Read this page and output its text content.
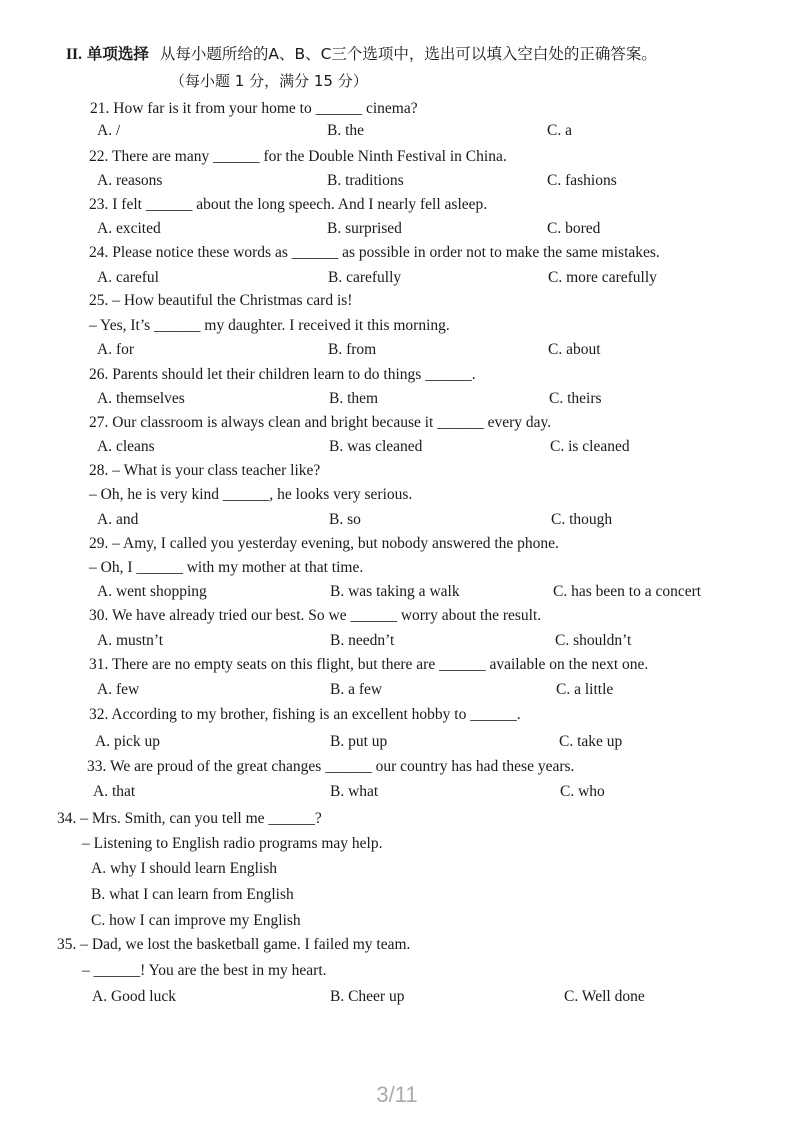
II. 单项选择 从每小题所给的A、B、C三个选项中，选出可以填入空白处的正确答案。
（每小题 1 分，满分 15 分）
21. How far is it from your home to ______ cinema?
A. /	B. the	C. a
22. There are many ______ for the Double Ninth Festival in China.
A. reasons	B. traditions	C. fashions
23. I felt ______ about the long speech. And I nearly fell asleep.
A. excited	B. surprised	C. bored
24. Please notice these words as ______ as possible in order not to make the same mistakes.
A. careful	B. carefully	C. more carefully
25. – How beautiful the Christmas card is!
– Yes, It’s ______ my daughter. I received it this morning.
A. for	B. from	C. about
26. Parents should let their children learn to do things ______.
A. themselves	B. them	C. theirs
27. Our classroom is always clean and bright because it ______ every day.
A. cleans	B. was cleaned	C. is cleaned
28. – What is your class teacher like?
– Oh, he is very kind ______, he looks very serious.
A. and	B. so	C. though
29. – Amy, I called you yesterday evening, but nobody answered the phone.
– Oh, I ______ with my mother at that time.
A. went shopping	B. was taking a walk	C. has been to a concert
30. We have already tried our best. So we ______ worry about the result.
A. mustn’t	B. needn’t	C. shouldn’t
31. There are no empty seats on this flight, but there are ______ available on the next one.
A. few	B. a few	C. a little
32. According to my brother, fishing is an excellent hobby to ______.
A. pick up	B. put up	C. take up
33. We are proud of the great changes ______ our country has had these years.
A. that	B. what	C. who
34. – Mrs. Smith, can you tell me ______?
– Listening to English radio programs may help.
A. why I should learn English
B. what I can learn from English
C. how I can improve my English
35. – Dad, we lost the basketball game. I failed my team.
– ______! You are the best in my heart.
A. Good luck	B. Cheer up	C. Well done
3/11
